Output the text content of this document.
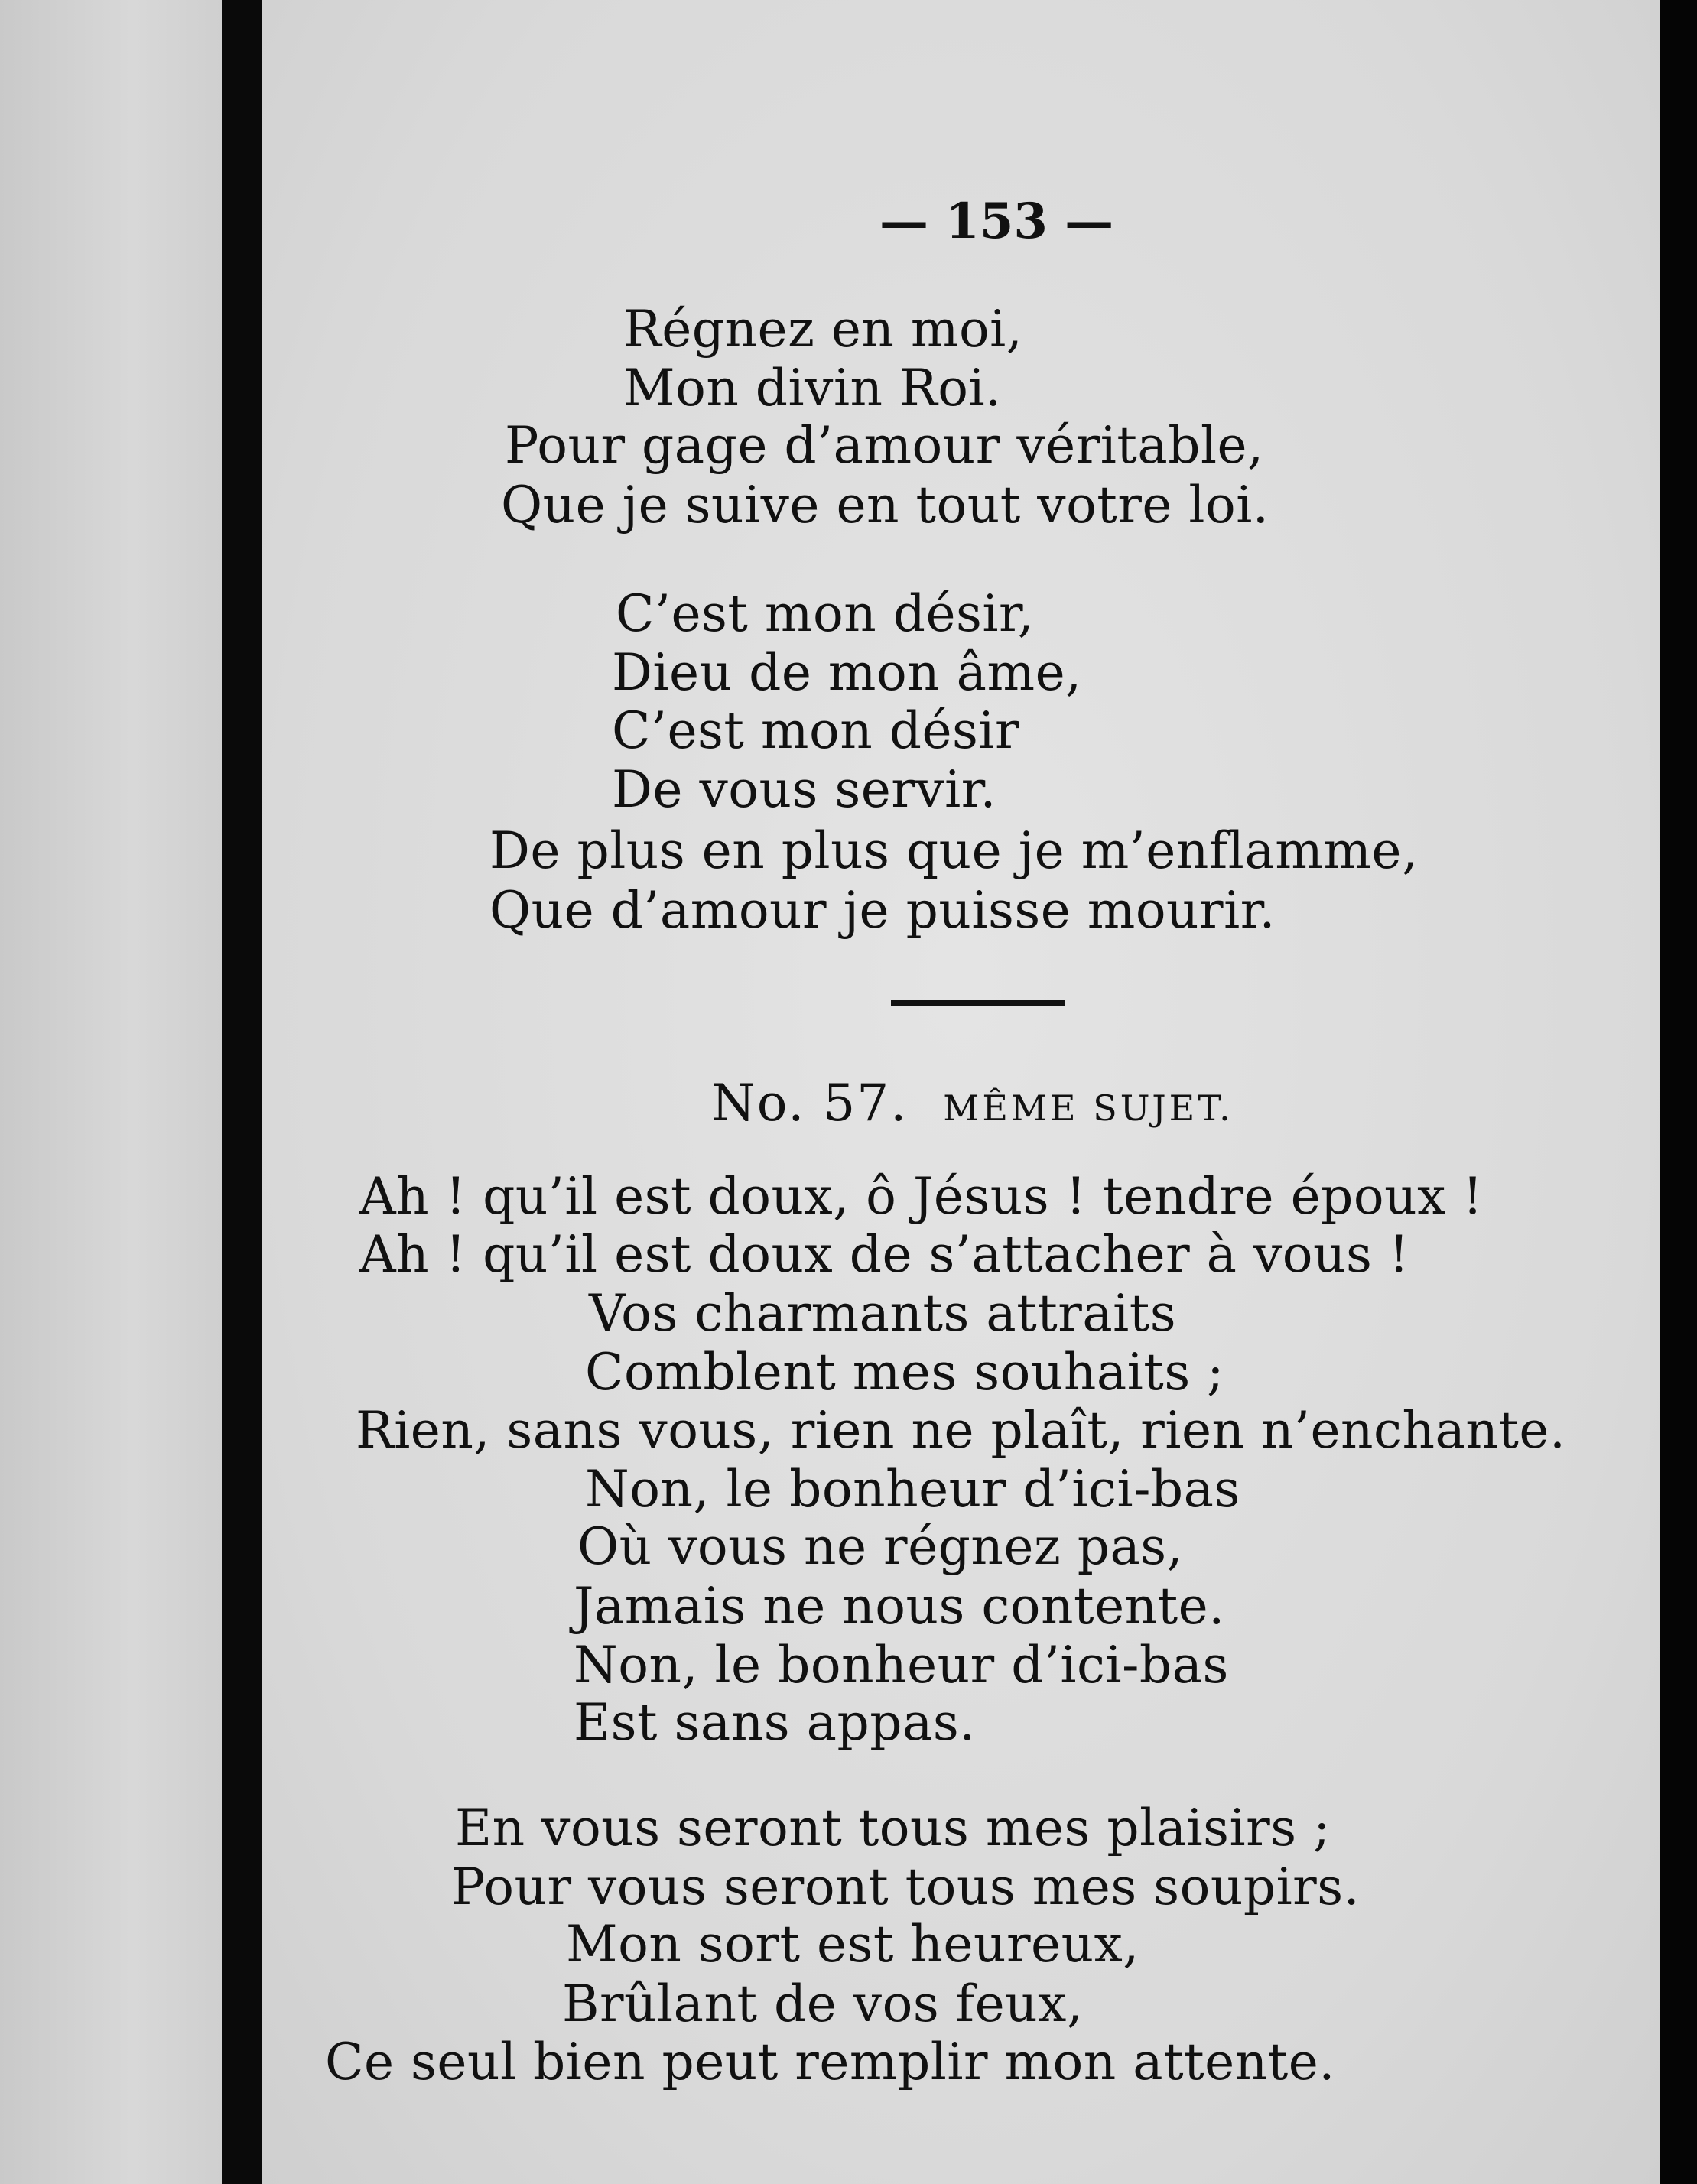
— 153 —
Régnez en moi,
Mon divin Roi.
Pour gage d’amour véritable,
Que je suive en tout votre loi.
C’est mon désir,
Dieu de mon âme,
C’est mon désir
De vous servir.
De plus en plus que je m’enflamme,
Que d’amour je puisse mourir.
No. 57. MÊME SUJET.
Ah ! qu’il est doux, ô Jésus ! tendre époux !
Ah ! qu’il est doux de s’attacher à vous !
Vos charmants attraits
Comblent mes souhaits ;
Rien, sans vous, rien ne plaît, rien n’enchante.
Non, le bonheur d’ici-bas
Où vous ne régnez pas,
Jamais ne nous contente.
Non, le bonheur d’ici-bas
Est sans appas.
En vous seront tous mes plaisirs ;
Pour vous seront tous mes soupirs.
Mon sort est heureux,
Brûlant de vos feux,
Ce seul bien peut remplir mon attente.
